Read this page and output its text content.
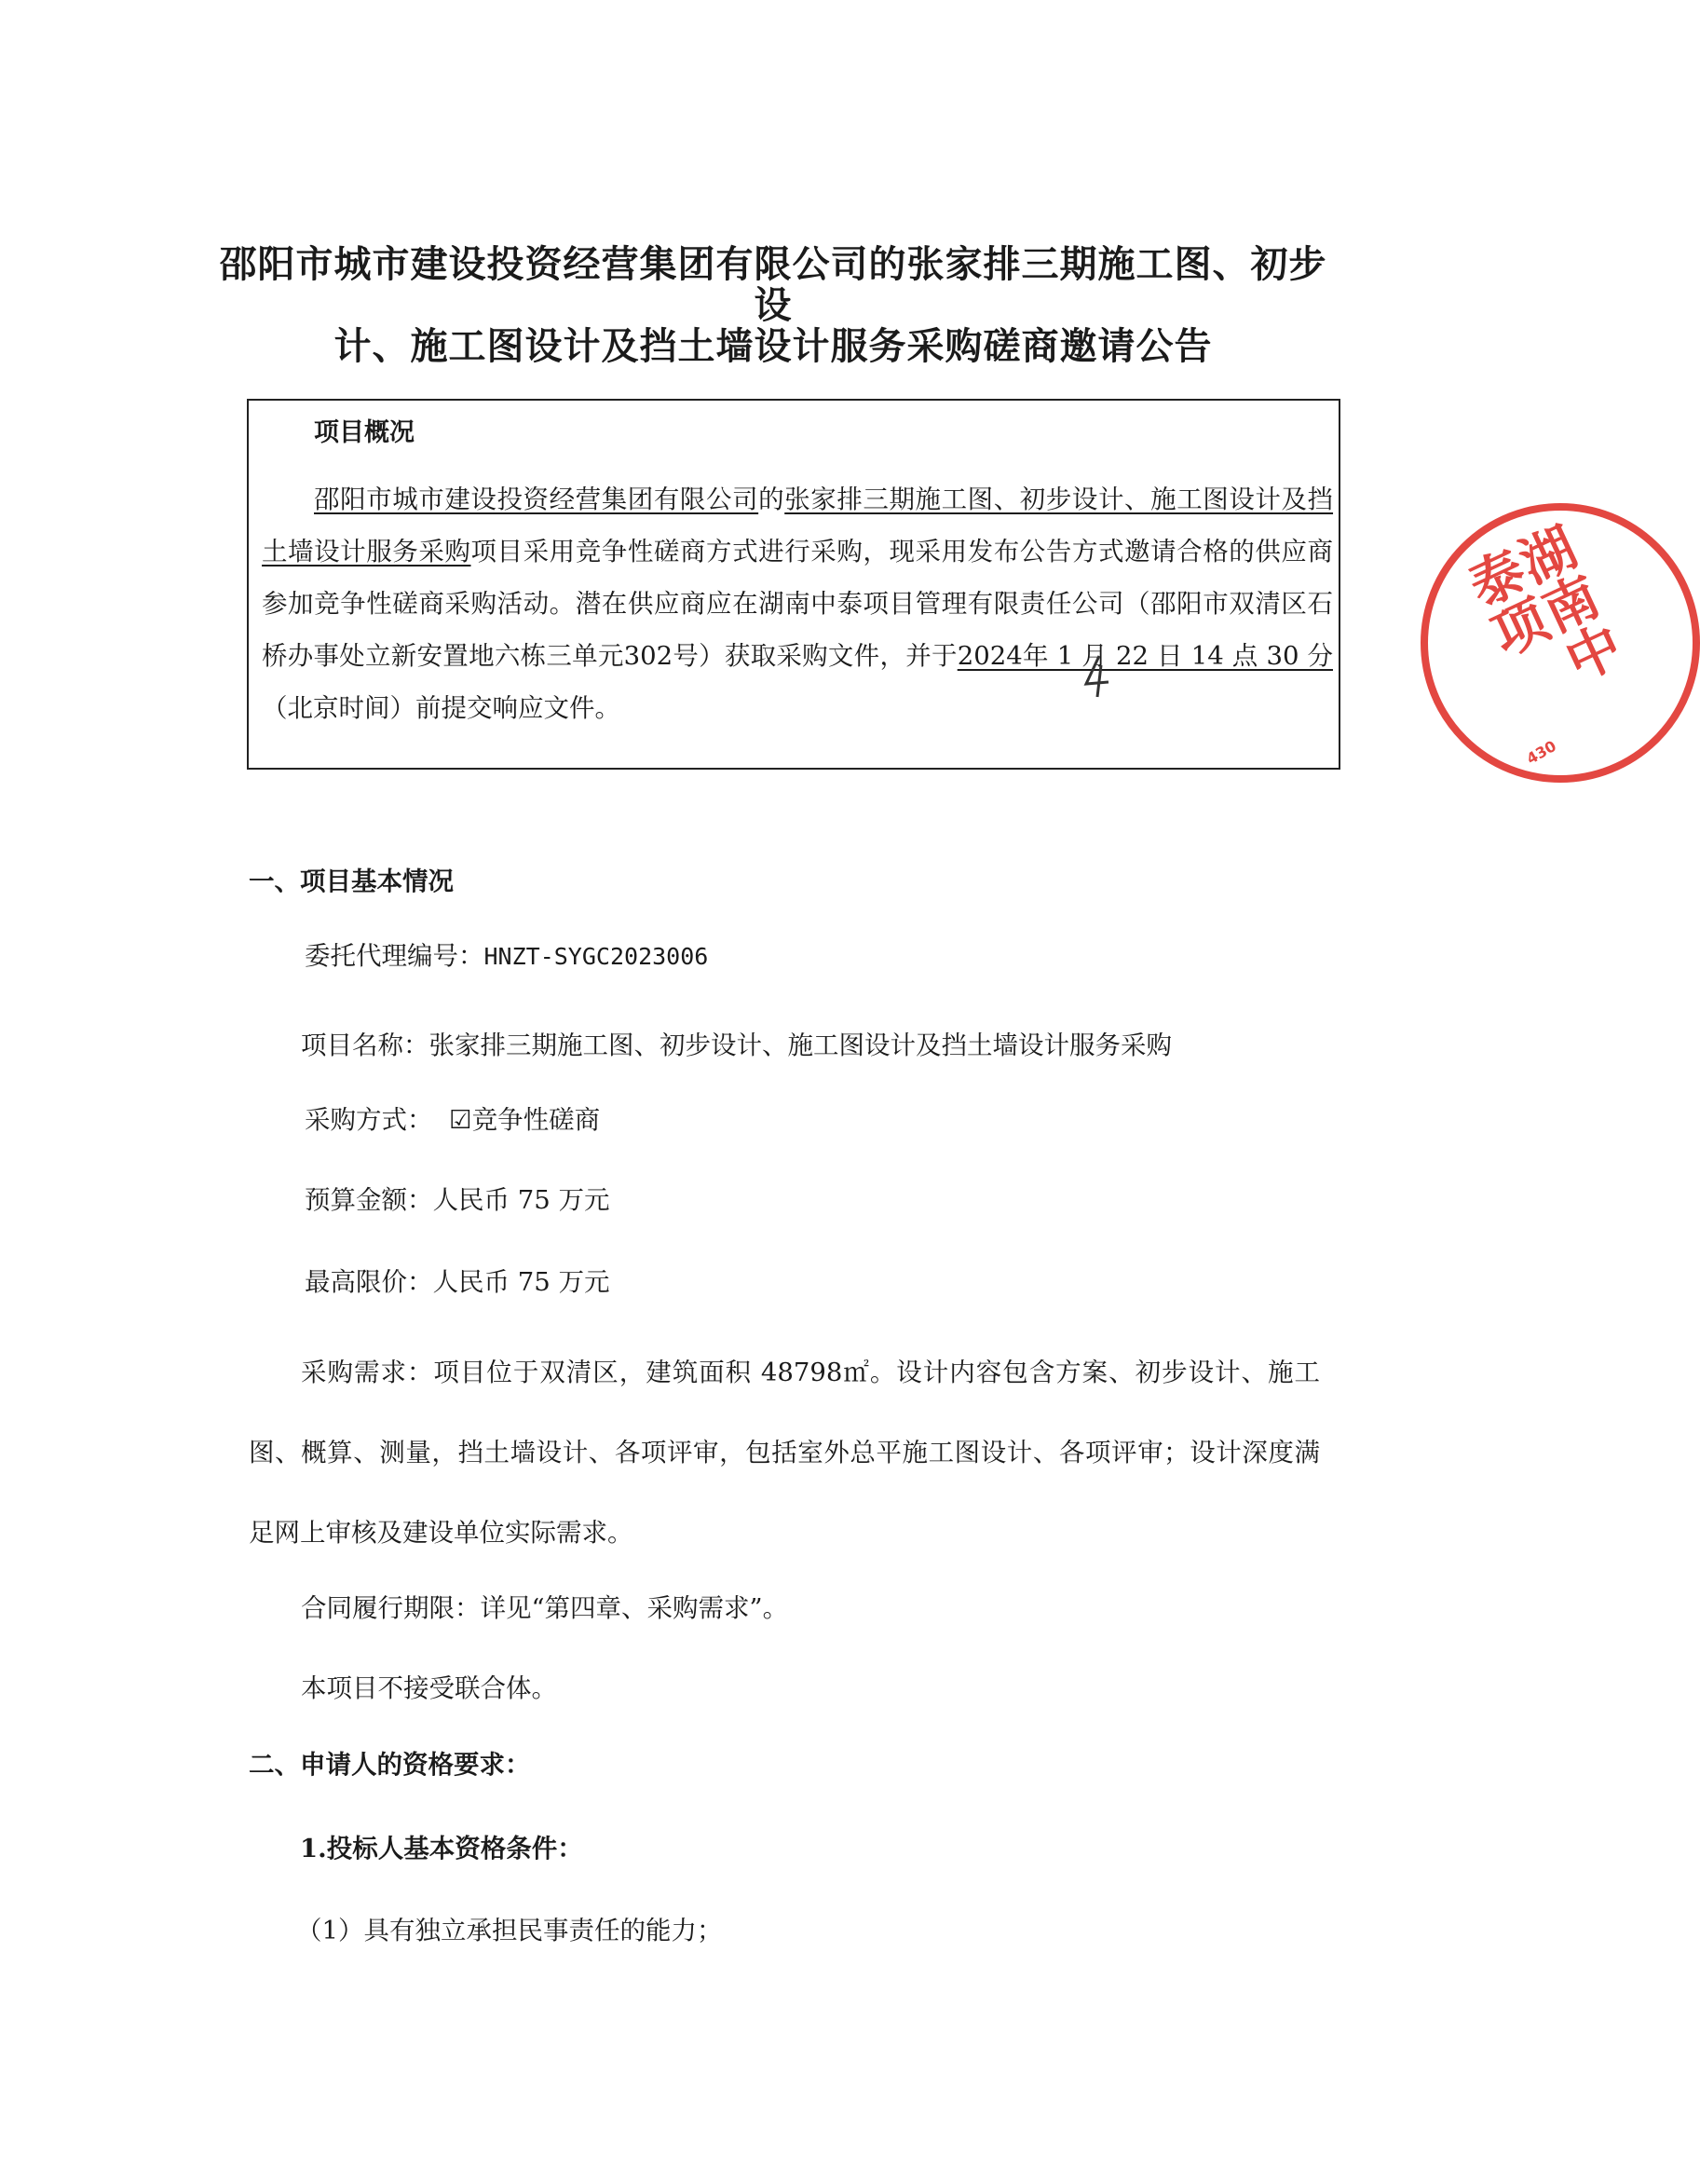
邵阳市城市建设投资经营集团有限公司的张家排三期施工图、初步设
计、施工图设计及挡土墙设计服务采购磋商邀请公告
项目概况
邵阳市城市建设投资经营集团有限公司的张家排三期施工图、初步设计、施工图设计及挡土墙设计服务采购项目采用竞争性磋商方式进行采购，现采用发布公告方式邀请合格的供应商参加竞争性磋商采购活动。潜在供应商应在湖南中泰项目管理有限责任公司（邵阳市双清区石桥办事处立新安置地六栋三单元302号）获取采购文件，并于2024年 1 月 22 日 14 点 30 分（北京时间）前提交响应文件。
一、项目基本情况
委托代理编号：HNZT-SYGC2023006
项目名称：张家排三期施工图、初步设计、施工图设计及挡土墙设计服务采购
采购方式： ☑竞争性磋商
预算金额：人民币 75 万元
最高限价：人民币 75 万元
采购需求：项目位于双清区，建筑面积 48798㎡。设计内容包含方案、初步设计、施工图、概算、测量，挡土墙设计、各项评审，包括室外总平施工图设计、各项评审；设计深度满足网上审核及建设单位实际需求。
合同履行期限：详见“第四章、采购需求”。
本项目不接受联合体。
二、申请人的资格要求：
1.投标人基本资格条件：
（1）具有独立承担民事责任的能力；
湖南中泰项
430
